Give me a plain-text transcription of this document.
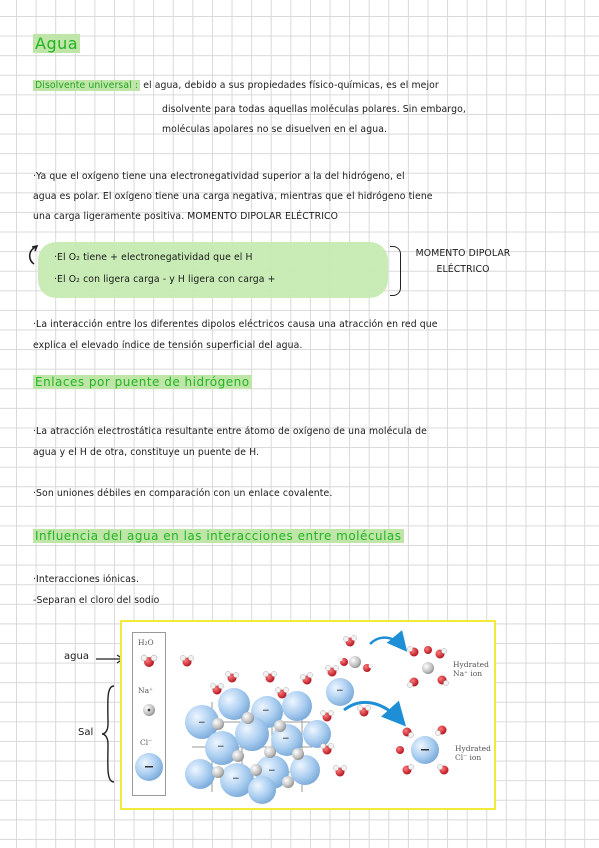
Agua
Disolvente universal : el agua, debido a sus propiedades físico-químicas, es el mejor
disolvente para todas aquellas moléculas polares. Sin embargo,
moléculas apolares no se disuelven en el agua.
·Ya que el oxígeno tiene una electronegatividad superior a la del hidrógeno, el
agua es polar. El oxígeno tiene una carga negativa, mientras que el hidrógeno tiene
una carga ligeramente positiva. MOMENTO DIPOLAR ELÉCTRICO
·El O₂ tiene + electronegatividad que el H
·El O₂ con ligera carga - y H ligera con carga +
MOMENTO DIPOLAR
ELÉCTRICO
·La interacción entre los diferentes dipolos eléctricos causa una atracción en red que
explica el elevado índice de tensión superficial del agua.
Enlaces por puente de hidrógeno
·La atracción electrostática resultante entre átomo de oxígeno de una molécula de
agua y el H de otra, constituye un puente de H.
·Son uniones débiles en comparación con un enlace covalente.
Influencia del agua en las interacciones entre moléculas
·Interacciones iónicas.
-Separan el cloro del sodio
agua
Sal
H₂O
Na⁺
Cl⁻
−
−
−
−
−
−
−
Hydrated
Na⁺ ion
Hydrated
Cl⁻ ion
